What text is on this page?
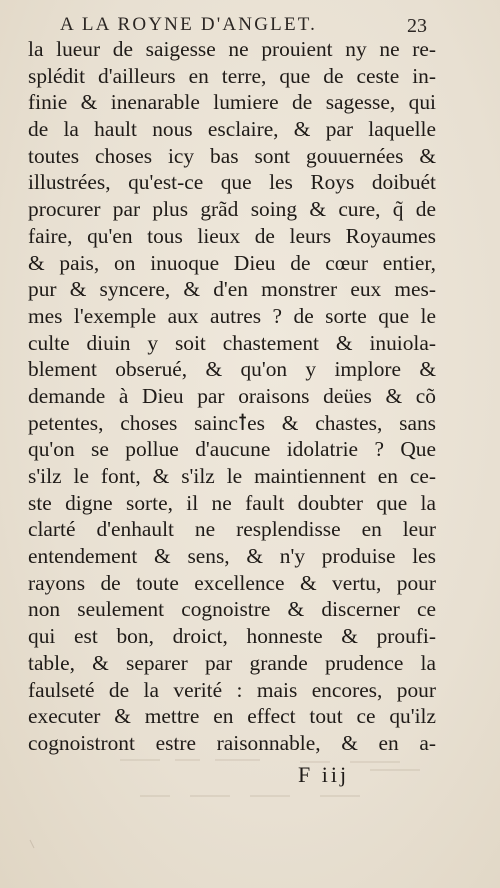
A LA ROYNE D'ANGLET.	23
la lueur de saigesse ne prouient ny ne re-
splédit d'ailleurs en terre, que de ceste in-
finie & inenarable lumiere de sagesse, qui
de la hault nous esclaire, & par laquelle
toutes choses icy bas sont gouuernées &
illustrées, qu'est-ce que les Roys doibuét
procurer par plus grãd soing & cure, q̃ de
faire, qu'en tous lieux de leurs Royaumes
& pais, on inuoque Dieu de cœur entier,
pur & syncere, & d'en monstrer eux mes-
mes l'exemple aux autres ? de sorte que le
culte diuin y soit chastement & inuiola-
blement obserué, & qu'on y implore &
demande à Dieu par oraisons deües & cõ
petentes, choses saincꝉes & chastes, sans
qu'on se pollue d'aucune idolatrie ? Que
s'ilz le font, & s'ilz le maintiennent en ce-
ste digne sorte, il ne fault doubter que la
clarté d'enhault ne resplendisse en leur
entendement & sens, & n'y produise les
rayons de toute excellence & vertu, pour
non seulement cognoistre & discerner ce
qui est bon, droict, honneste & proufi-
table, & separer par grande prudence la
faulseté de la verité : mais encores, pour
executer & mettre en effect tout ce qu'ilz
cognoistront estre raisonnable, & en a-
F iij
